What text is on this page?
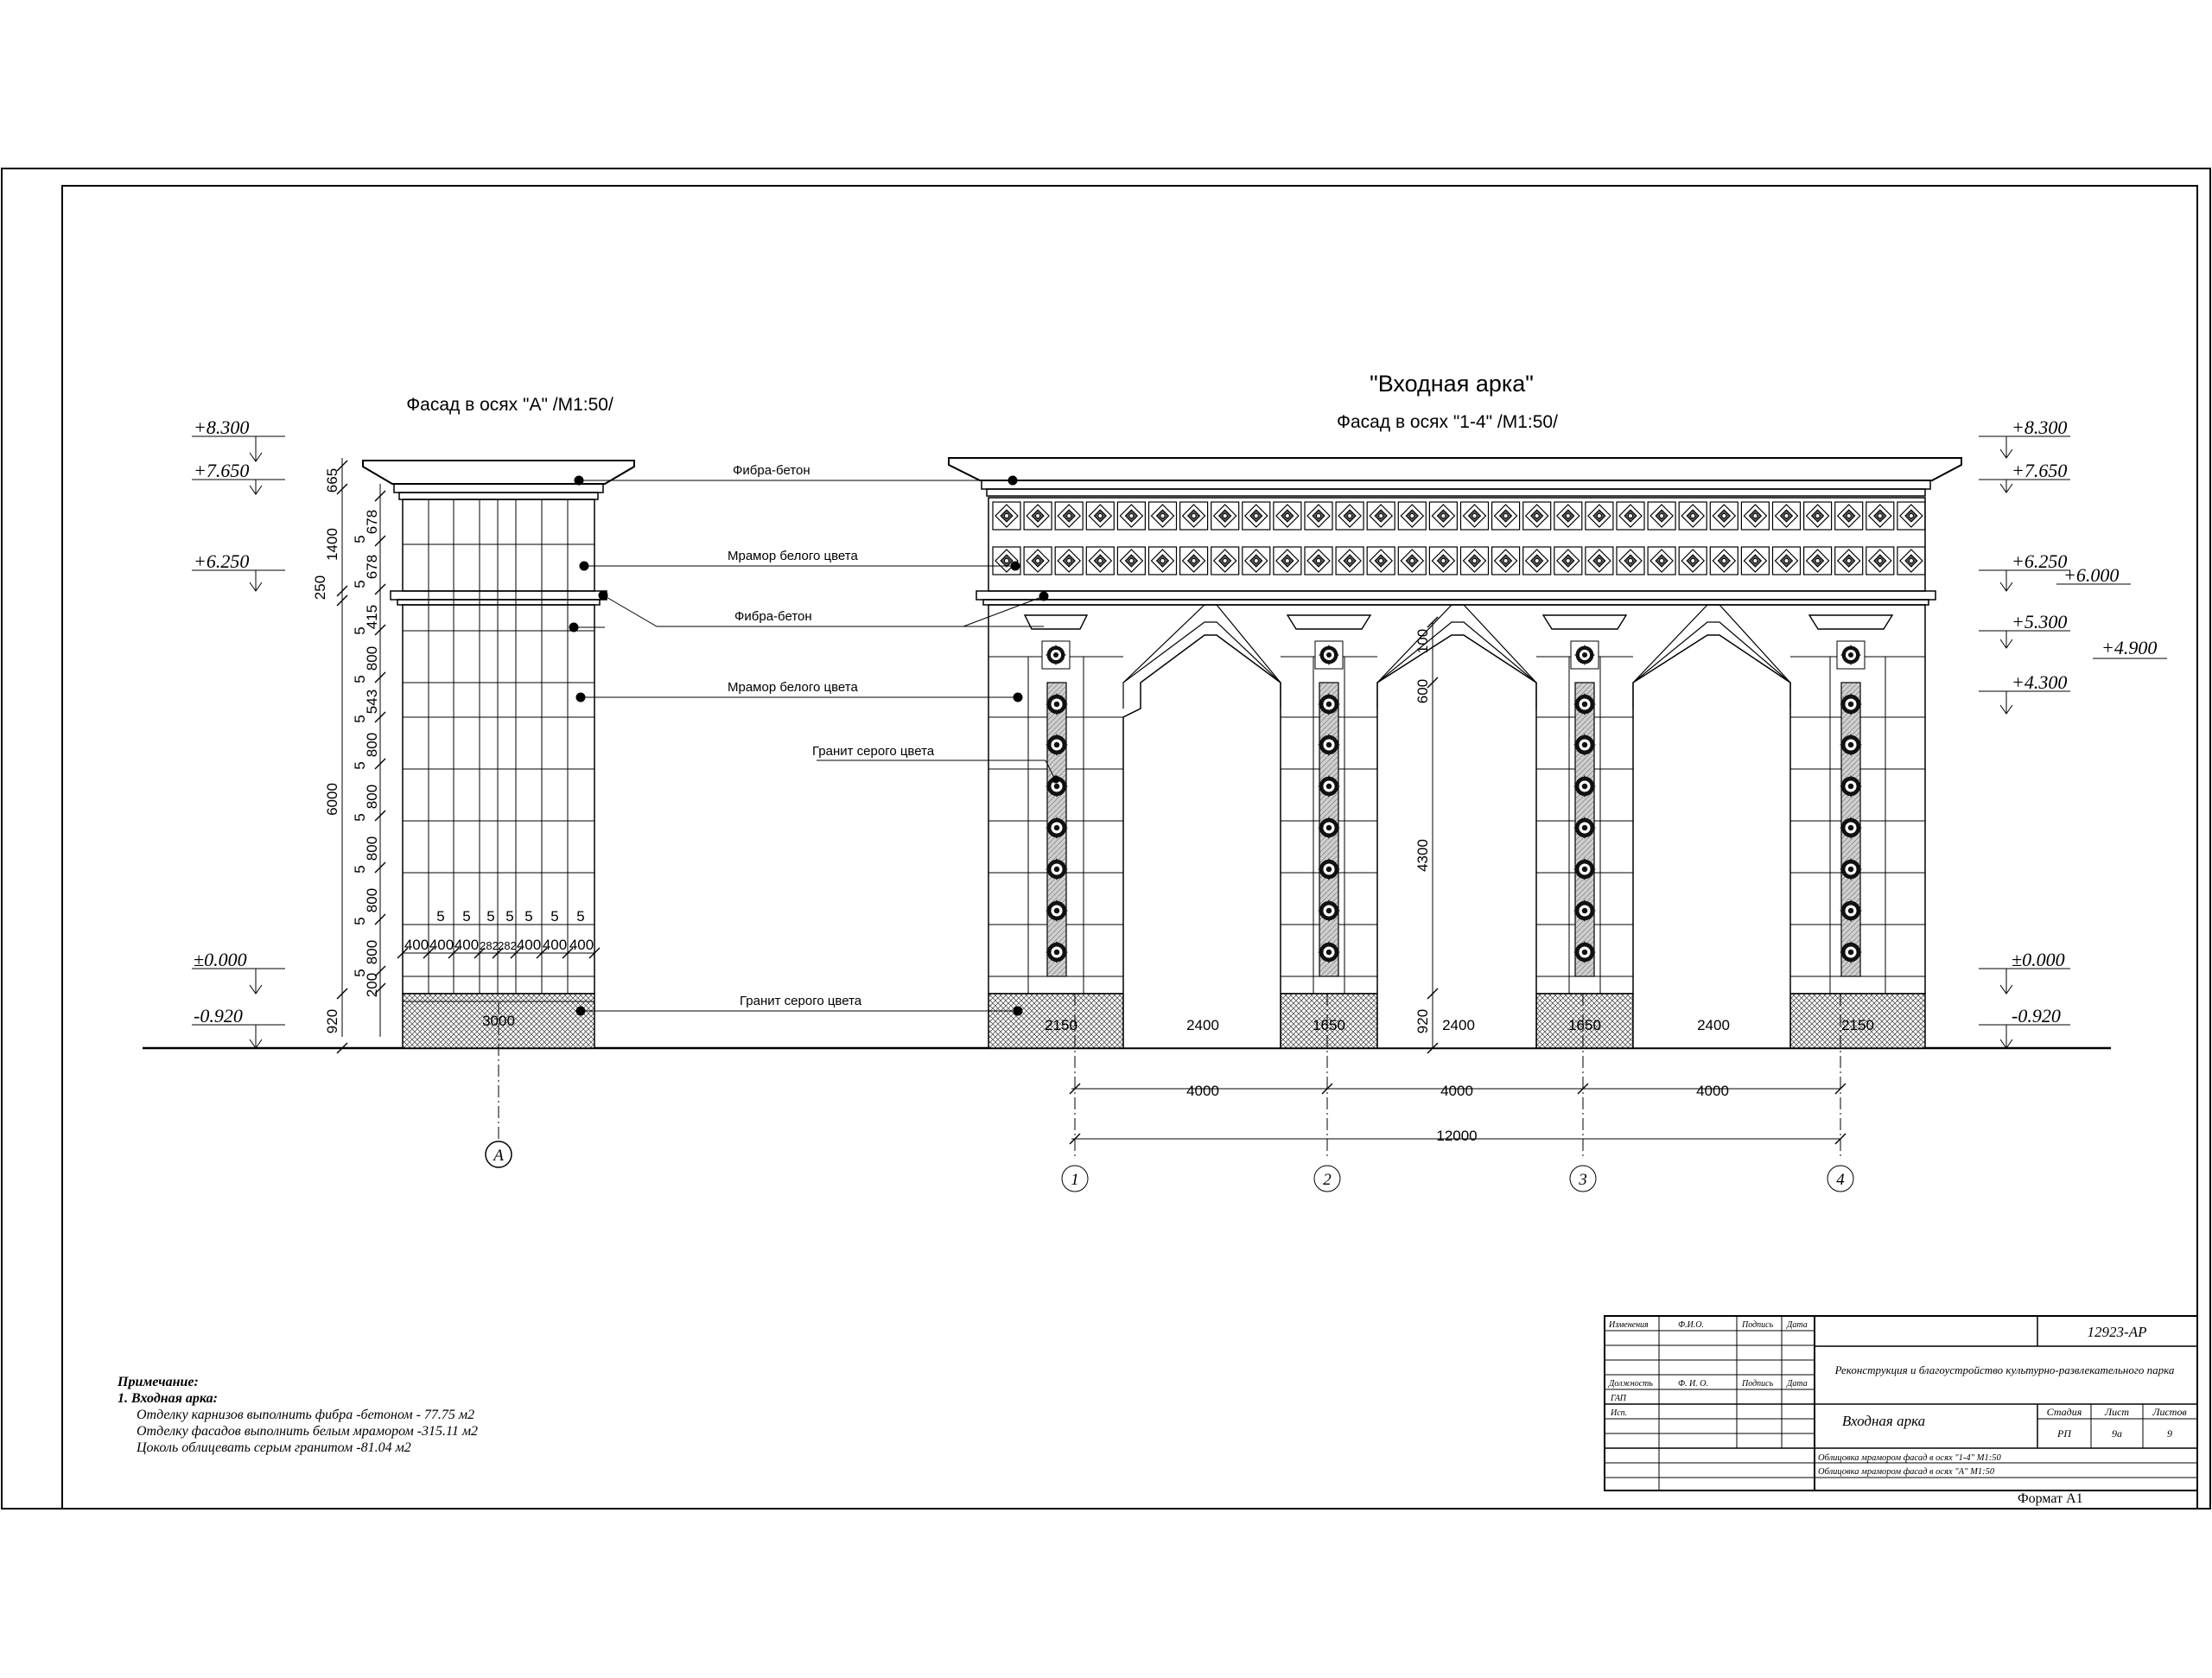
"Входная арка"
Фасад в осях "1-4" /М1:50/
Фасад в осях "А" /М1:50/
А
665
1400
250
6000
920
678
5
678
5
415
5
800
5
543
5
800
5
800
5
800
5
800
5
800
5
200
5 5 5 5 5 5 5
400 400 400 282 282 400 400 400
3000
100
600
4300
920
1	2	3	4
2150	2400	1650	2400	1650	2400	2150
4000	4000	4000
12000
+8.300
+7.650
+6.250
±0.000
-0.920
+8.300
+7.650
+6.250
+6.000
+5.300
+4.900
+4.300
±0.000
-0.920
Фибра-бетон
Мрамор белого цвета
Фибра-бетон
Мрамор белого цвета
Гранит серого цвета
Гранит серого цвета
12923-АР
Реконструкция и благоустройство культурно-развлекательного парка
Входная арка
Изменения	Ф.И.О.	Подпись Дата
Должность	Ф. И. О.	Подпись Дата
ГАП
Исп.	Стадия Лист Листов
РП	9а	9
Облицовка мрамором фасад в осях "1-4" М1:50
Облицовка мрамором фасад в осях "А" М1:50
Примечание:
1. Входная арка:
Отделку карнизов выполнить фибра -бетоном - 77.75 м2
Отделку фасадов выполнить белым мрамором -315.11 м2
Цоколь облицевать серым гранитом -81.04 м2
Формат А1
